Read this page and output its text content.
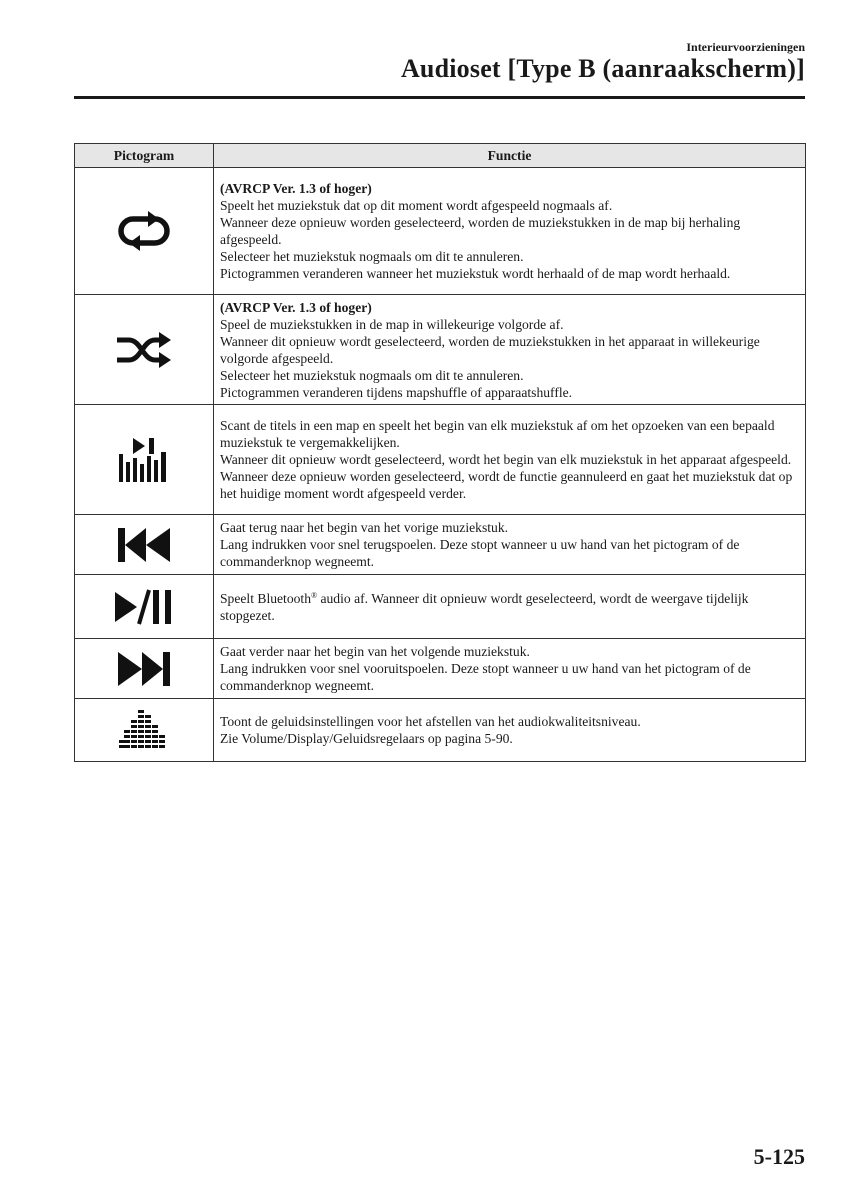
Interieurvoorzieningen
Audioset [Type B (aanraakscherm)]
Pictogram	Functie

(AVRCP Ver. 1.3 of hoger)
Speelt het muziekstuk dat op dit moment wordt afgespeeld nogmaals af.
Wanneer deze opnieuw worden geselecteerd, worden de muziekstukken in de map bij herhaling afgespeeld.
Selecteer het muziekstuk nogmaals om dit te annuleren.
Pictogrammen veranderen wanneer het muziekstuk wordt herhaald of de map wordt herhaald.

(AVRCP Ver. 1.3 of hoger)
Speel de muziekstukken in de map in willekeurige volgorde af.
Wanneer dit opnieuw wordt geselecteerd, worden de muziekstukken in het apparaat in willekeurige volgorde afgespeeld.
Selecteer het muziekstuk nogmaals om dit te annuleren.
Pictogrammen veranderen tijdens mapshuffle of apparaatshuffle.

Scant de titels in een map en speelt het begin van elk muziekstuk af om het opzoeken van een bepaald muziekstuk te vergemakkelijken.
Wanneer dit opnieuw wordt geselecteerd, wordt het begin van elk muziekstuk in het apparaat afgespeeld.
Wanneer deze opnieuw worden geselecteerd, wordt de functie geannuleerd en gaat het muziekstuk dat op het huidige moment wordt afgespeeld verder.

Gaat terug naar het begin van het vorige muziekstuk.
Lang indrukken voor snel terugspoelen. Deze stopt wanneer u uw hand van het pictogram of de commanderknop wegneemt.

	Speelt Bluetooth® audio af. Wanneer dit opnieuw wordt geselecteerd, wordt de weergave tijdelijk stopgezet.

Gaat verder naar het begin van het volgende muziekstuk.
Lang indrukken voor snel vooruitspoelen. Deze stopt wanneer u uw hand van het pictogram of de commanderknop wegneemt.

Toont de geluidsinstellingen voor het afstellen van het audiokwaliteitsniveau.
Zie Volume/Display/Geluidsregelaars op pagina 5-90.
5-125
